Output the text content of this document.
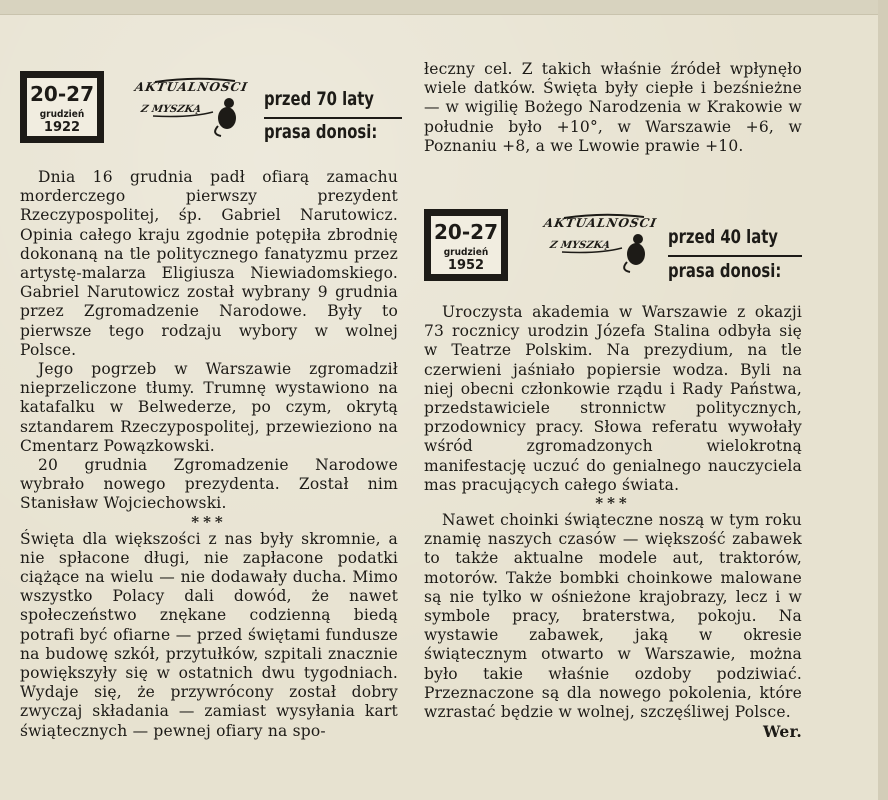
20-27
grudzień
1922
AKTUALNOŚCI
Z MYSZKĄ	przed 70 laty
prasa donosi:

Dnia 16 grudnia padł ofiarą zamachu morderczego pierwszy prezydent Rzeczypospolitej, śp. Gabriel Narutowicz. Opinia całego kraju zgodnie potępiła zbrodnię dokonaną na tle politycznego fanatyzmu przez artystę-malarza Eligiusza Niewiadomskiego. Gabriel Narutowicz został wybrany 9 grudnia przez Zgromadzenie Narodowe. Były to pierwsze tego rodzaju wybory w wolnej Polsce.

Jego pogrzeb w Warszawie zgromadził nieprzeliczone tłumy. Trumnę wystawiono na katafalku w Belwederze, po czym, okrytą sztandarem Rzeczypospolitej, przewieziono na Cmentarz Powązkowski.

20 grudnia Zgromadzenie Narodowe wybrało nowego prezydenta. Został nim Stanisław Wojciechowski.

***

Święta dla większości z nas były skromnie, a nie spłacone długi, nie zapłacone podatki ciążące na wielu — nie dodawały ducha. Mimo wszystko Polacy dali dowód, że nawet społeczeństwo znękane codzienną biedą potrafi być ofiarne — przed świętami fundusze na budowę szkół, przytułków, szpitali znacznie powiększyły się w ostatnich dwu tygodniach. Wydaje się, że przywrócony został dobry zwyczaj składania — zamiast wysyłania kart świątecznych — pewnej ofiary na spo-

łeczny cel. Z takich właśnie źródeł wpłynęło wiele datków. Święta były ciepłe i bezśnieżne — w wigilię Bożego Narodzenia w Krakowie w południe było +10°, w Warszawie +6, w Poznaniu +8, a we Lwowie prawie +10.

20-27
grudzień
1952
AKTUALNOŚCI
Z MYSZKĄ	przed 40 laty
prasa donosi:

Uroczysta akademia w Warszawie z okazji 73 rocznicy urodzin Józefa Stalina odbyła się w Teatrze Polskim. Na prezydium, na tle czerwieni jaśniało popiersie wodza. Byli na niej obecni członkowie rządu i Rady Państwa, przedstawiciele stronnictw politycznych, przodownicy pracy. Słowa referatu wywołały wśród zgromadzonych wielokrotną manifestację uczuć do genialnego nauczyciela mas pracujących całego świata.

***

Nawet choinki świąteczne noszą w tym roku znamię naszych czasów — większość zabawek to także aktualne modele aut, traktorów, motorów. Także bombki choinkowe malowane są nie tylko w ośnieżone krajobrazy, lecz i w symbole pracy, braterstwa, pokoju. Na wystawie zabawek, jaką w okresie świątecznym otwarto w Warszawie, można było takie właśnie ozdoby podziwiać. Przeznaczone są dla nowego pokolenia, które wzrastać będzie w wolnej, szczęśliwej Polsce.
Wer.
